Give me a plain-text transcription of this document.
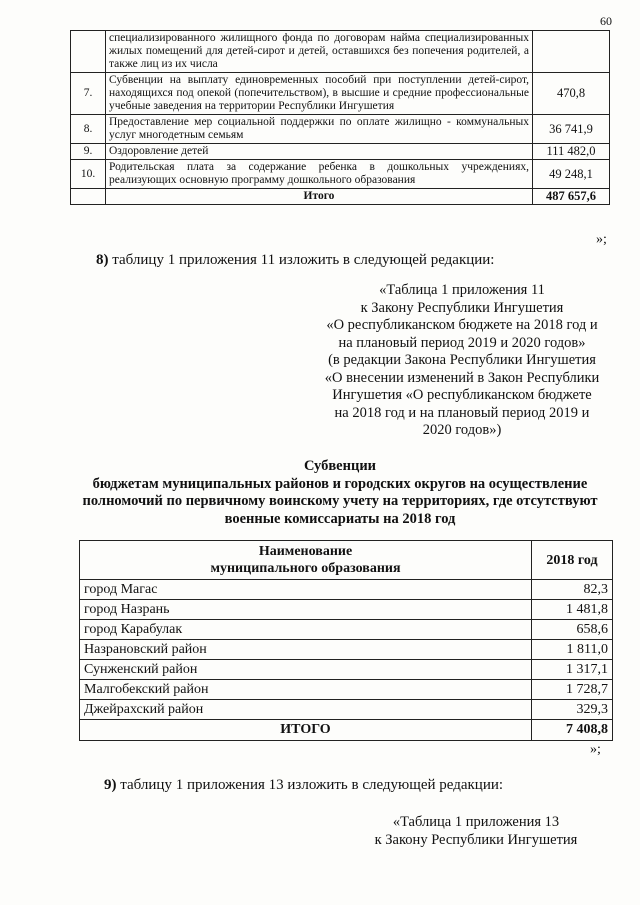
60
	специализированного жилищного фонда по договорам найма специализированных жилых помещений для детей-сирот и детей, оставшихся без попечения родителей, а также лиц из их числа	
7.	Субвенции на выплату единовременных пособий при поступлении детей-сирот, находящихся под опекой (попечительством), в высшие и средние профессиональные учебные заведения на территории Республики Ингушетия	470,8
8.	Предоставление мер социальной поддержки по оплате жилищно - коммунальных услуг многодетным семьям	36 741,9
9.	Оздоровление детей	111 482,0
10.	Родительская плата за содержание ребенка в дошкольных учреждениях, реализующих основную программу дошкольного образования	49 248,1
	Итого	487 657,6
»;
8) таблицу 1 приложения 11 изложить в следующей редакции:
«Таблица 1 приложения 11
к Закону Республики Ингушетия
«О республиканском бюджете на 2018 год и
на плановый период 2019 и 2020 годов»
(в редакции Закона Республики Ингушетия
«О внесении изменений в Закон Республики
Ингушетия «О республиканском бюджете
на 2018 год и на плановый период 2019 и
2020 годов»)
Субвенции
бюджетам муниципальных районов и городских округов на осуществление
полномочий по первичному воинскому учету на территориях, где отсутствуют
военные комиссариаты на 2018 год
Наименование
муниципального образования	2018 год
город Магас	82,3
город Назрань	1 481,8
город Карабулак	658,6
Назрановский район	1 811,0
Сунженский район	1 317,1
Малгобекский район	1 728,7
Джейрахский район	329,3
ИТОГО	7 408,8
»;
9) таблицу 1 приложения 13 изложить в следующей редакции:
«Таблица 1 приложения 13
к Закону Республики Ингушетия
